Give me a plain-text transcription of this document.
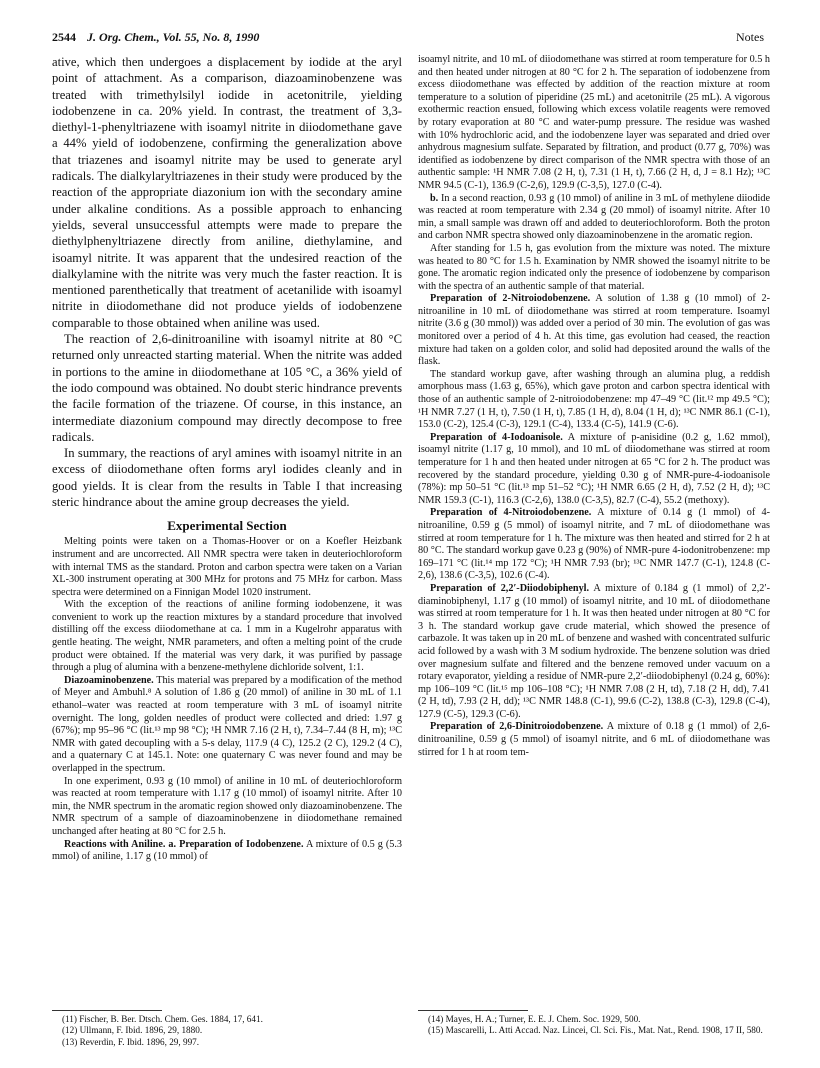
2544 J. Org. Chem., Vol. 55, No. 8, 1990	Notes

ative, which then undergoes a displacement by iodide at the aryl point of attachment. As a comparison, diazoaminobenzene was treated with trimethylsilyl iodide in acetonitrile, yielding iodobenzene in ca. 20% yield. In contrast, the treatment of 3,3-diethyl-1-phenyltriazene with isoamyl nitrite in diiodomethane gave a 44% yield of iodobenzene, confirming the generalization above that triazenes and isoamyl nitrite may be used to generate aryl radicals. The dialkylaryltriazenes in their study were produced by the reaction of the appropriate diazonium ion with the secondary amine under alkaline conditions. As a possible approach to enhancing yields, several unsuccessful attempts were made to prepare the diethylphenyltriazene directly from aniline, diethylamine, and isoamyl nitrite. It was apparent that the undesired reaction of the dialkylamine with the nitrite was very much the faster reaction. It is mentioned parenthetically that treatment of acetanilide with isoamyl nitrite in diiodomethane did not produce yields of iodobenzene comparable to those obtained when aniline was used.

The reaction of 2,6-dinitroaniline with isoamyl nitrite at 80 °C returned only unreacted starting material. When the nitrite was added in portions to the amine in diiodomethane at 105 °C, a 36% yield of the iodo compound was obtained. No doubt steric hindrance prevents the facile formation of the triazene. Of course, in this instance, an intermediate diazonium compound may directly decompose to free radicals.

In summary, the reactions of aryl amines with isoamyl nitrite in an excess of diiodomethane often forms aryl iodides cleanly and in good yields. It is clear from the results in Table I that increasing steric hindrance about the amine group decreases the yield.

Experimental Section

Melting points were taken on a Thomas-Hoover or on a Koefler Heizbank instrument and are uncorrected. All NMR spectra were taken in deuteriochloroform with internal TMS as the standard. Proton and carbon spectra were taken on a Varian XL-300 instrument operating at 300 MHz for protons and 75 MHz for carbon. Mass spectra were determined on a Finnigan Model 1020 instrument.

With the exception of the reactions of aniline forming iodobenzene, it was convenient to work up the reaction mixtures by a standard procedure that involved distilling off the excess diiodomethane at ca. 1 mm in a Kugelrohr apparatus with gentle heating. The weight, NMR parameters, and often a melting point of the crude product were obtained. If the material was very dark, it was purified by passage through a plug of alumina with a benzene-methylene dichloride solvent, 1:1.

Diazoaminobenzene. This material was prepared by a modification of the method of Meyer and Ambuhl.⁸ A solution of 1.86 g (20 mmol) of aniline in 30 mL of 1.1 ethanol–water was reacted at room temperature with 3 mL of isoamyl nitrite overnight. The long, golden needles of product were collected and dried: 1.97 g (67%); mp 95–96 °C (lit.¹³ mp 98 °C); ¹H NMR 7.16 (2 H, t), 7.34–7.44 (8 H, m); ¹³C NMR with gated decoupling with a 5-s delay, 117.9 (4 C), 125.2 (2 C), 129.2 (4 C), and a quaternary C at 145.1. Note: one quaternary C was never found and may be overlapped in the spectrum.

In one experiment, 0.93 g (10 mmol) of aniline in 10 mL of deuteriochloroform was reacted at room temperature with 1.17 g (10 mmol) of isoamyl nitrite. After 10 min, the NMR spectrum in the aromatic region showed only diazoaminobenzene. The NMR spectrum of a sample of diazoaminobenzene in diiodomethane remained unchanged after heating at 80 °C for 2.5 h.

Reactions with Aniline. a. Preparation of Iodobenzene. A mixture of 0.5 g (5.3 mmol) of aniline, 1.17 g (10 mmol) of

isoamyl nitrite, and 10 mL of diiodomethane was stirred at room temperature for 0.5 h and then heated under nitrogen at 80 °C for 2 h. The separation of iodobenzene from excess diiodomethane was effected by addition of the reaction mixture at room temperature to a solution of piperidine (25 mL) and acetonitrile (25 mL). A vigorous exothermic reaction ensued, following which excess volatile reagents were removed by rotary evaporation at 80 °C and water-pump pressure. The residue was washed with 10% hydrochloric acid, and the iodobenzene layer was separated and dried over anhydrous magnesium sulfate. Separated by filtration, and product (0.77 g, 70%) was identified as iodobenzene by direct comparison of the NMR spectra with those of an authentic sample: ¹H NMR 7.08 (2 H, t), 7.31 (1 H, t), 7.66 (2 H, d, J = 8.1 Hz); ¹³C NMR 94.5 (C-1), 136.9 (C-2,6), 129.9 (C-3,5), 127.0 (C-4).

b. In a second reaction, 0.93 g (10 mmol) of aniline in 3 mL of methylene diiodide was reacted at room temperature with 2.34 g (20 mmol) of isoamyl nitrite. After 10 min, a small sample was drawn off and added to deuteriochloroform. Both the proton and carbon NMR spectra showed only diazoaminobenzene in the aromatic region.

After standing for 1.5 h, gas evolution from the mixture was noted. The mixture was heated to 80 °C for 1.5 h. Examination by NMR showed the isoamyl nitrite to be gone. The aromatic region indicated only the presence of iodobenzene by comparison with the spectra of an authentic sample of that material.

Preparation of 2-Nitroiodobenzene. A solution of 1.38 g (10 mmol) of 2-nitroaniline in 10 mL of diiodomethane was stirred at room temperature. Isoamyl nitrite (3.6 g (30 mmol)) was added over a period of 30 min. The evolution of gas was monitored over a period of 4 h. At this time, gas evolution had ceased, the reaction mixture had taken on a golden color, and solid had deposited around the walls of the flask.

The standard workup gave, after washing through an alumina plug, a reddish amorphous mass (1.63 g, 65%), which gave proton and carbon spectra identical with those of an authentic sample of 2-nitroiodobenzene: mp 47–49 °C (lit.¹² mp 49.5 °C); ¹H NMR 7.27 (1 H, t), 7.50 (1 H, t), 7.85 (1 H, d), 8.04 (1 H, d); ¹³C NMR 86.1 (C-1), 153.0 (C-2), 125.4 (C-3), 129.1 (C-4), 133.4 (C-5), 141.9 (C-6).

Preparation of 4-Iodoanisole. A mixture of p-anisidine (0.2 g, 1.62 mmol), isoamyl nitrite (1.17 g, 10 mmol), and 10 mL of diiodomethane was stirred at room temperature for 1 h and then heated under nitrogen at 65 °C for 2 h. The product was recovered by the standard procedure, yielding 0.30 g of NMR-pure-4-iodoanisole (78%): mp 50–51 °C (lit.¹³ mp 51–52 °C); ¹H NMR 6.65 (2 H, d), 7.52 (2 H, d); ¹³C NMR 159.3 (C-1), 116.3 (C-2,6), 138.0 (C-3,5), 82.7 (C-4), 55.2 (methoxy).

Preparation of 4-Nitroiodobenzene. A mixture of 0.14 g (1 mmol) of 4-nitroaniline, 0.59 g (5 mmol) of isoamyl nitrite, and 7 mL of diiodomethane was stirred at room temperature for 1 h. The mixture was then heated and stirred for 2 h at 80 °C. The standard workup gave 0.23 g (90%) of NMR-pure 4-iodonitrobenzene: mp 169–171 °C (lit.¹⁴ mp 172 °C); ¹H NMR 7.93 (br); ¹³C NMR 147.7 (C-1), 124.8 (C-2,6), 138.6 (C-3,5), 102.6 (C-4).

Preparation of 2,2′-Diiodobiphenyl. A mixture of 0.184 g (1 mmol) of 2,2′-diaminobiphenyl, 1.17 g (10 mmol) of isoamyl nitrite, and 10 mL of diiodomethane was stirred at room temperature for 1 h. It was then heated under nitrogen at 80 °C for 3 h. The standard workup gave crude material, which showed the presence of carbazole. It was taken up in 20 mL of benzene and washed with concentrated sulfuric acid followed by a wash with 3 M sodium hydroxide. The benzene solution was dried over magnesium sulfate and filtered and the benzene removed under vacuum on a rotary evaporator, yielding a residue of NMR-pure 2,2′-diiodobiphenyl (0.24 g, 60%): mp 106–109 °C (lit.¹⁵ mp 106–108 °C); ¹H NMR 7.08 (2 H, td), 7.18 (2 H, dd), 7.41 (2 H, td), 7.93 (2 H, dd); ¹³C NMR 148.8 (C-1), 99.6 (C-2), 138.8 (C-3), 129.8 (C-4), 127.9 (C-5), 129.3 (C-6).

Preparation of 2,6-Dinitroiodobenzene. A mixture of 0.18 g (1 mmol) of 2,6-dinitroaniline, 0.59 g (5 mmol) of isoamyl nitrite, and 6 mL of diiodomethane was stirred for 1 h at room tem-

(11) Fischer, B. Ber. Dtsch. Chem. Ges. 1884, 17, 641.
(12) Ullmann, F. Ibid. 1896, 29, 1880.
(13) Reverdin, F. Ibid. 1896, 29, 997.
(14) Mayes, H. A.; Turner, E. E. J. Chem. Soc. 1929, 500.
(15) Mascarelli, L. Atti Accad. Naz. Lincei, Cl. Sci. Fis., Mat. Nat., Rend. 1908, 17 II, 580.
